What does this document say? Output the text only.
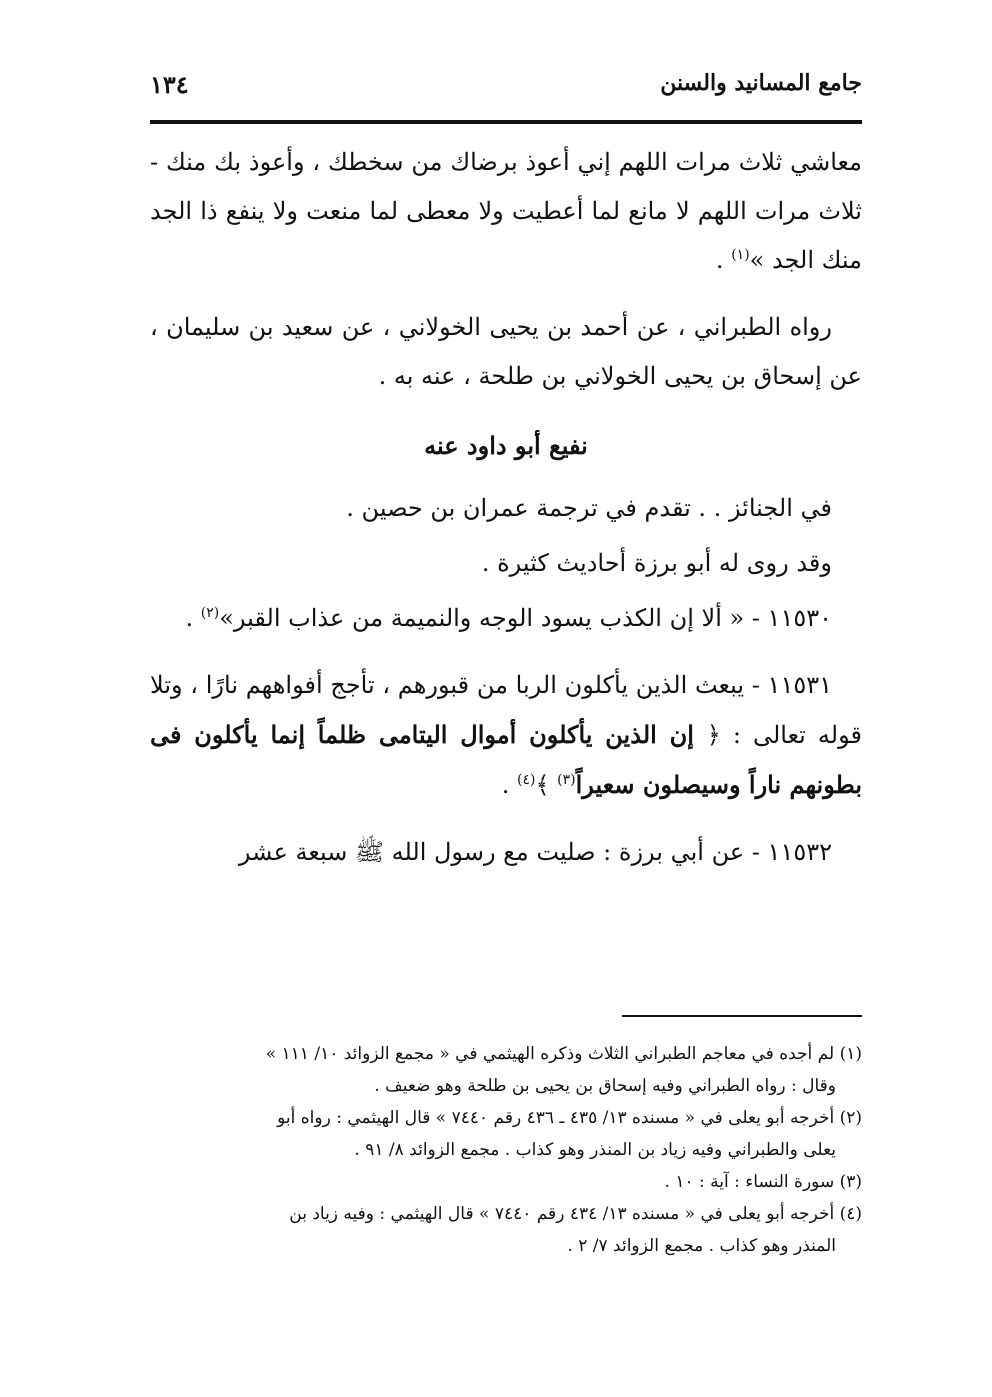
جامع المسانيد والسنن
١٣٤

معاشي ثلاث مرات اللهم إني أعوذ برضاك من سخطك ، وأعوذ بك منك - ثلاث مرات اللهم لا مانع لما أعطيت ولا معطى لما منعت ولا ينفع ذا الجد منك الجد »$^{(١)}$ .

رواه الطبراني ، عن أحمد بن يحيى الخولاني ، عن سعيد بن سليمان ، عن إسحاق بن يحيى الخولاني بن طلحة ، عنه به .

نفيع أبو داود عنه

في الجنائز . . تقدم في ترجمة عمران بن حصين .

وقد روى له أبو برزة أحاديث كثيرة .

١١٥٣٠ - « ألا إن الكذب يسود الوجه والنميمة من عذاب القبر»$^{(٢)}$ .

١١٥٣١ - يبعث الذين يأكلون الربا من قبورهم ، تأجج أفواههم نارًا ، وتلا قوله تعالى : ﴿ إن الذين يأكلون أموال اليتامى ظلماً إنما يأكلون فى بطونهم ناراً وسيصلون سعيراً$^{(٣)}$ ﴾$^{(٤)}$ .

١١٥٣٢ - عن أبي برزة : صليت مع رسول الله ﷺ سبعة عشر

(١) لم أجده في معاجم الطبراني الثلاث وذكره الهيثمي في « مجمع الزوائد ١٠/ ١١١ »

وقال : رواه الطبراني وفيه إسحاق بن يحيى بن طلحة وهو ضعيف .

(٢) أخرجه أبو يعلى في « مسنده ١٣/ ٤٣٥ ـ ٤٣٦ رقم ٧٤٤٠ » قال الهيثمي : رواه أبو

يعلى والطبراني وفيه زياد بن المنذر وهو كذاب . مجمع الزوائد ٨/ ٩١ .

(٣) سورة النساء : آية : ١٠ .

(٤) أخرجه أبو يعلى في « مسنده ١٣/ ٤٣٤ رقم ٧٤٤٠ » قال الهيثمي : وفيه زياد بن

المنذر وهو كذاب . مجمع الزوائد ٧/ ٢ .
